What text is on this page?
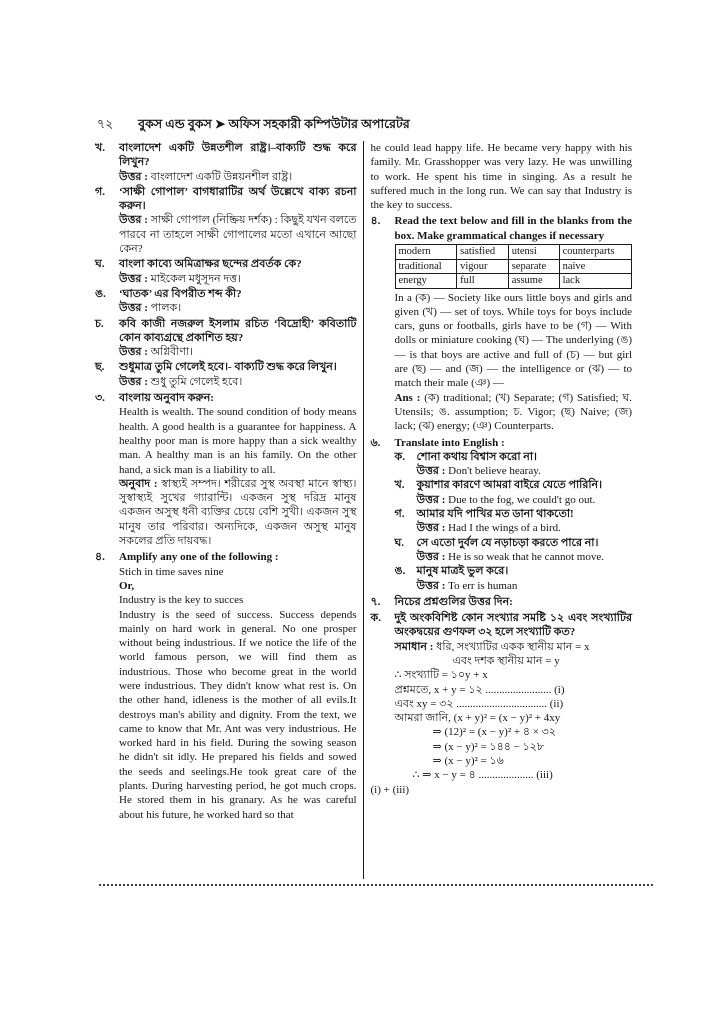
৭২ বুকস এন্ড বুকস ➤ অফিস সহকারী কম্পিউটার অপারেটর
খ.	বাংলাদেশ একটি উন্নতশীল রাষ্ট্র।–বাক্যটি শুদ্ধ করে লিখুন?
উত্তর : বাংলাদেশ একটি উন্নয়নশীল রাষ্ট্র।
গ.	‘সাক্ষী গোপাল’ বাগধারাটির অর্থ উল্লেখে বাক্য রচনা করুন।
উত্তর : সাক্ষী গোপাল (নিষ্ক্রিয় দর্শক) : কিছুই যখন বলতে পারবে না তাহলে সাক্ষী গোপালের মতো এখানে আছো কেন?
ঘ.	বাংলা কাব্যে অমিত্রাক্ষর ছন্দের প্রবর্তক কে?
উত্তর : মাইকেল মধুসূদন দত্ত।
ঙ.	‘ঘাতক’ এর বিপরীত শব্দ কী?
উত্তর : পালক।
চ.	কবি কাজী নজরুল ইসলাম রচিত ‘বিদ্রোহী’ কবিতাটি কোন কাব্যগ্রন্থে প্রকাশিত হয়?
উত্তর : অগ্নিবীণা।
ছ.	শুধুমাত্র তুমি গেলেই হবে।- বাক্যটি শুদ্ধ করে লিখুন।
উত্তর : শুধু তুমি গেলেই হবে।
৩.	বাংলায় অনুবাদ করুন:
Health is wealth. The sound condition of body means health. A good health is a guarantee for happiness. A healthy poor man is more happy than a sick wealthy man. A healthy man is an his family. On the other hand, a sick man is a liability to all.
অনুবাদ : স্বাস্থ্যই সম্পদ। শরীরের সুস্থ অবস্থা মানে স্বাস্থ্য। সুস্বাস্থ্যই সুখের গ্যারান্টি। একজন সুস্থ দরিদ্র মানুষ একজন অসুস্থ ধনী ব্যক্তির চেয়ে বেশি সুখী। একজন সুস্থ মানুষ তার পরিবার। অন্যদিকে, একজন অসুস্থ মানুষ সকলের প্রতি দায়বদ্ধ।
৪.	Amplify any one of the following :
Stich in time saves nine
Or,
Industry is the key to succes
Industry is the seed of success. Success depends mainly on hard work in general. No one prosper without being industrious. If we notice the life of the world famous person, we will find them as industrious. Those who become great in the world were industrious. They didn't know what rest is. On the other hand, idleness is the mother of all evils.It destroys man's ability and dignity. From the text, we came to know that Mr. Ant was very industrious. He worked hard in his field. During the sowing season he didn't sit idly. He prepared his fields and sowed the seeds and seelings.He took great care of the plants. During harvesting period, he got much crops. He stored them in his granary. As he was careful about his future, he worked hard so that
he could lead happy life. He became very happy with his family. Mr. Grasshopper was very lazy. He was unwilling to work. He spent his time in singing. As a result he suffered much in the long run. We can say that Industry is the key to success.
৪.	Read the text below and fill in the blanks from the box. Make grammatical changes if necessary
modern	satisfied	utensi	counterparts
traditional	vigour	separate	naive
energy	full	assume	lack
In a (ক) — Society like ours little boys and girls and given (খ) — set of toys. While toys for boys include cars, guns or footballs, girls have to be (গ) — With dolls or miniature cooking (ঘ) — The underlying (ঙ) — is that boys are active and full of (চ) — but girl are (ছ) — and (জ) — the intelligence or (ঝ) — to match their male (ঞ) —
Ans : (ক) traditional; (খ) Separate; (গ) Satisfied; ঘ. Utensils; ঙ. assumption; চ. Vigor; (ছ) Naive; (জ) lack; (ঝ) energy; (ঞ) Counterparts.
৬.	Translate into English :
ক.	শোনা কথায় বিশ্বাস করো না।
উত্তর : Don't believe hearay.
খ.	কুয়াশার কারণে আমরা বাইরে যেতে পারিনি।
উত্তর : Due to the fog, we could't go out.
গ.	আমার যদি পাখির মত ডানা থাকতো!
উত্তর : Had I the wings of a bird.
ঘ.	সে এতো দুর্বল যে নড়াচড়া করতে পারে না।
উত্তর : He is so weak that he cannot move.
ঙ.	মানুষ মাত্রই ভুল করে।
উত্তর : To err is human
৭.	নিচের প্রশ্নগুলির উত্তর দিন:
ক.	দুই অংকবিশিষ্ট কোন সংখ্যার সমষ্টি ১২ এবং সংখ্যাটির অংকদ্বয়ের গুণফল ৩২ হলে সংখ্যাটি কত?
সমাধান : ধরি, সংখ্যাটির একক স্থানীয় মান = x
এবং দশক স্থানীয় মান = y
∴ সংখ্যাটি = ১০y + x
প্রশ্নমতে, x + y = ১২ ........................ (i)
এবং xy = ৩২ ................................. (ii)
আমরা জানি, (x + y)² = (x − y)² + 4xy
⇒ (12)² = (x − y)² + ৪ × ৩২
⇒ (x − y)² = ১৪৪ − ১২৮
⇒ (x − y)² = ১৬
∴ ⇒ x − y = ৪ .................... (iii)
(i) + (iii)
